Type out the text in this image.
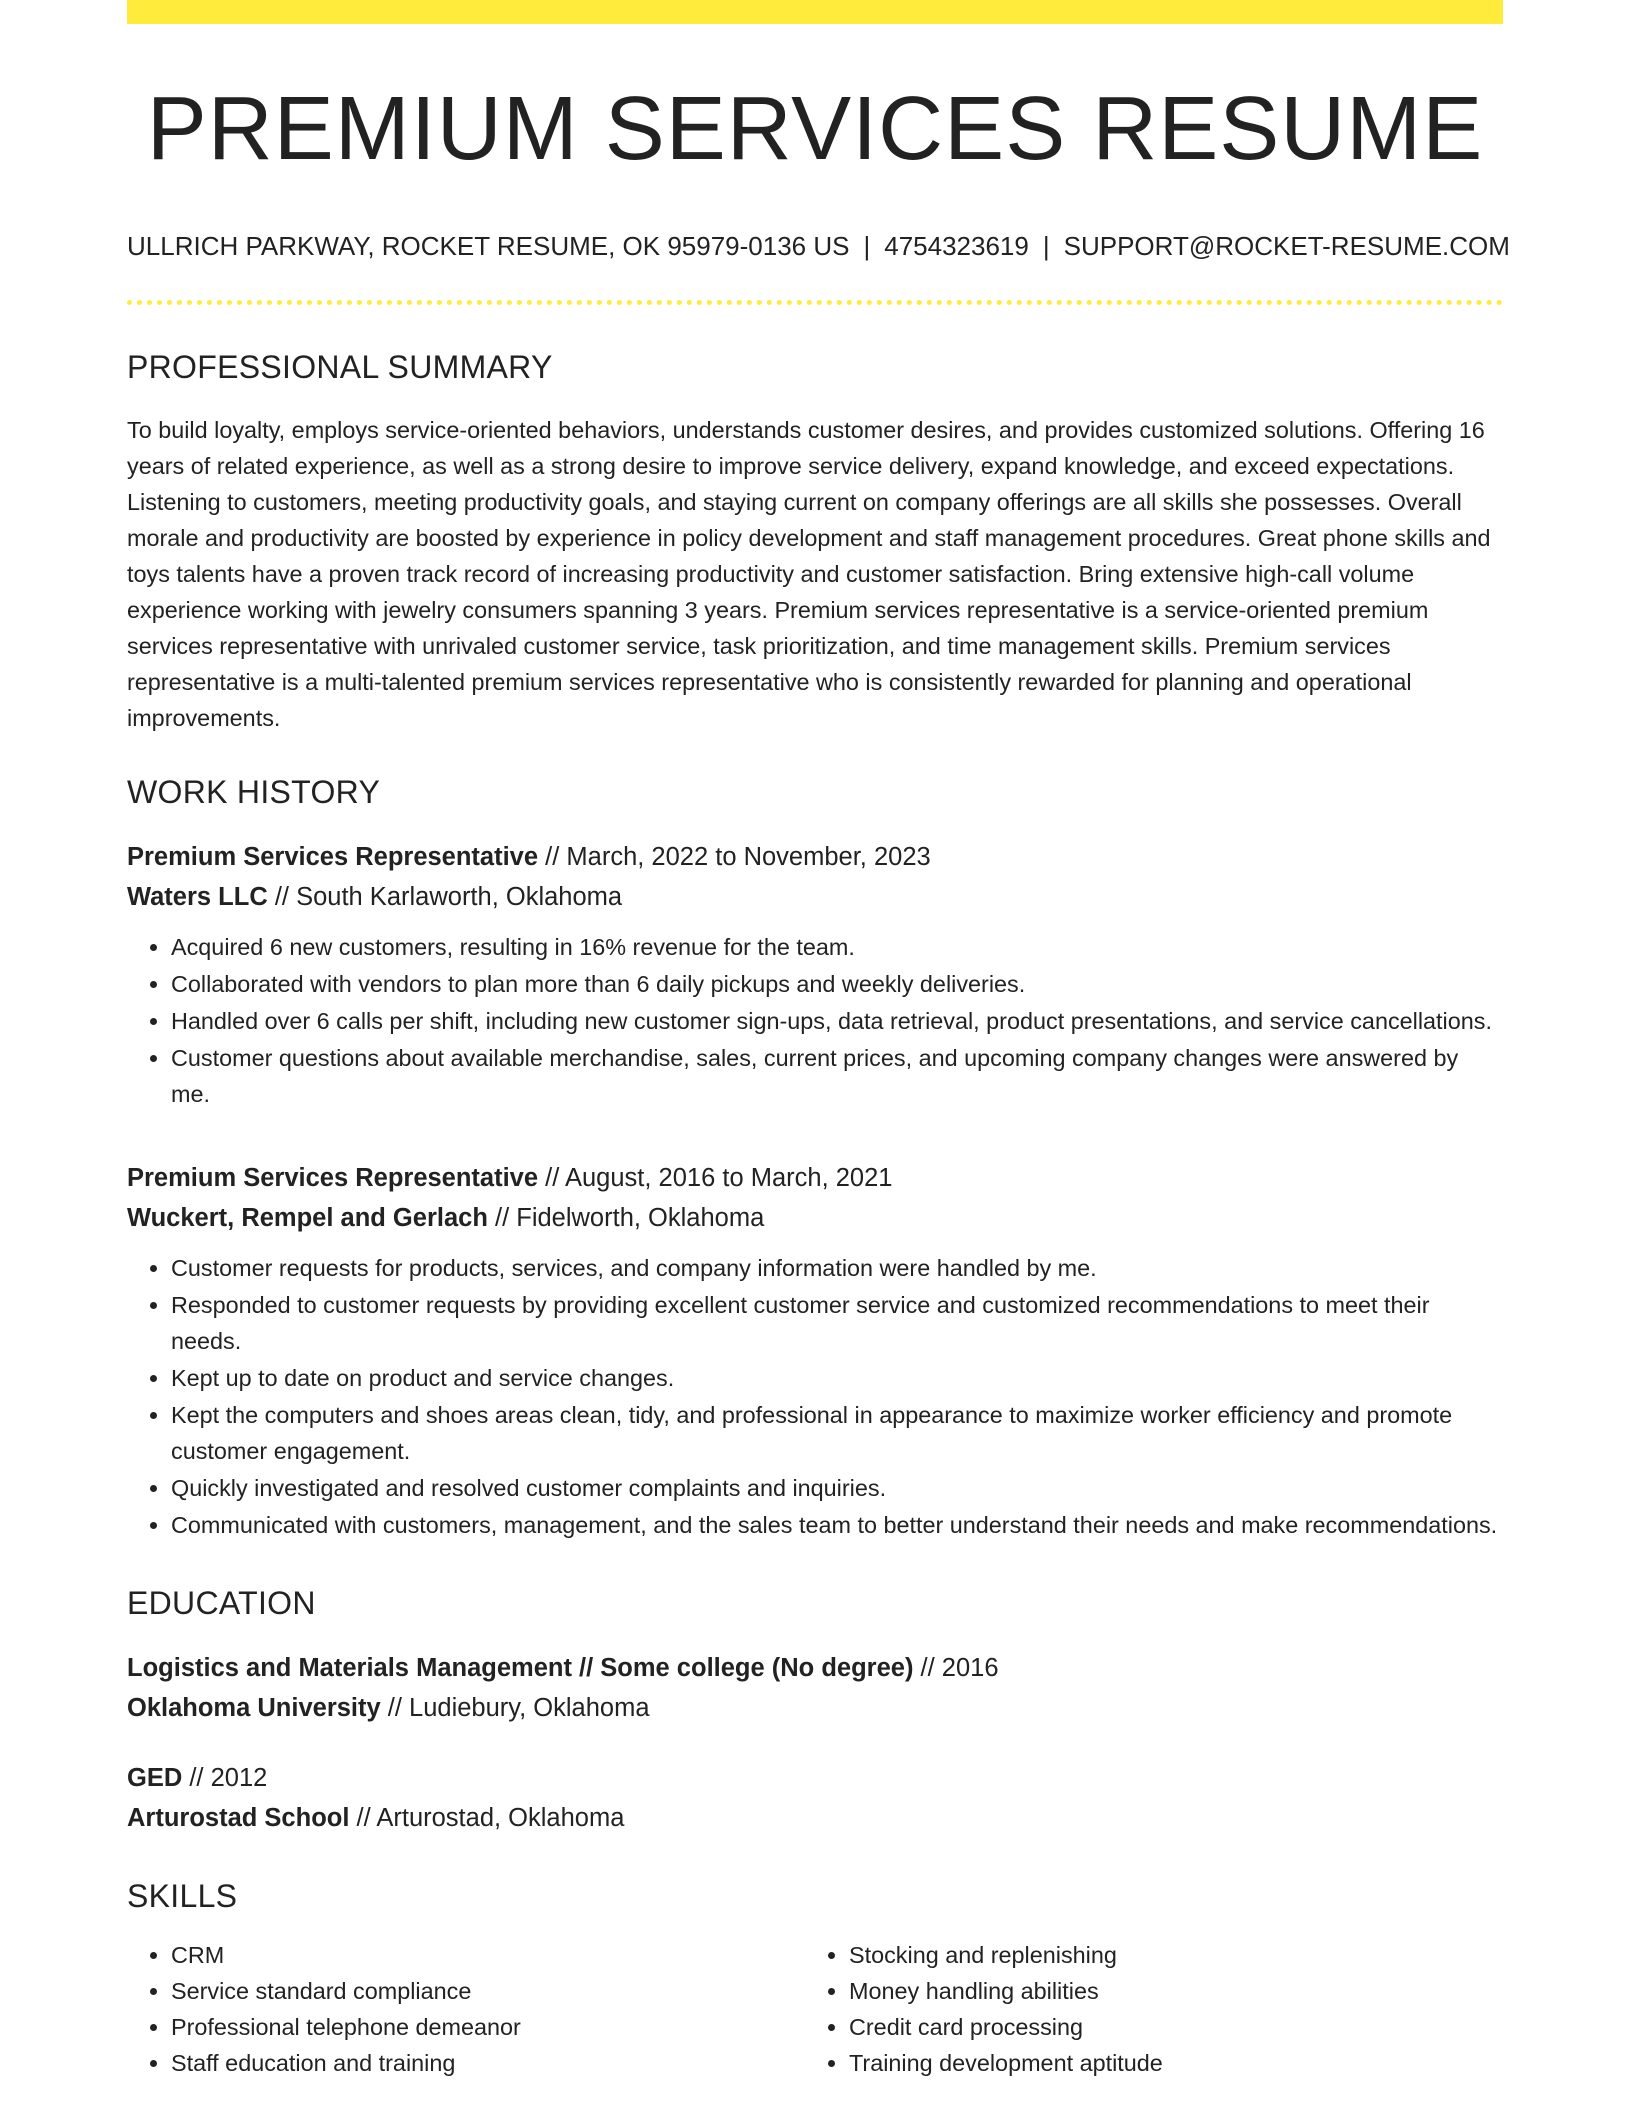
PREMIUM SERVICES RESUME
ULLRICH PARKWAY, ROCKET RESUME, OK 95979-0136 US | 4754323619 | SUPPORT@ROCKET-RESUME.COM
PROFESSIONAL SUMMARY

To build loyalty, employs service-oriented behaviors, understands customer desires, and provides customized solutions. Offering 16 years of related experience, as well as a strong desire to improve service delivery, expand knowledge, and exceed expectations. Listening to customers, meeting productivity goals, and staying current on company offerings are all skills she possesses. Overall morale and productivity are boosted by experience in policy development and staff management procedures. Great phone skills and toys talents have a proven track record of increasing productivity and customer satisfaction. Bring extensive high-call volume experience working with jewelry consumers spanning 3 years. Premium services representative is a service-oriented premium services representative with unrivaled customer service, task prioritization, and time management skills. Premium services representative is a multi-talented premium services representative who is consistently rewarded for planning and operational improvements.

WORK HISTORY
Premium Services Representative // March, 2022 to November, 2023
Waters LLC // South Karlaworth, Oklahoma
• Acquired 6 new customers, resulting in 16% revenue for the team.
• Collaborated with vendors to plan more than 6 daily pickups and weekly deliveries.
• Handled over 6 calls per shift, including new customer sign-ups, data retrieval, product presentations, and service cancellations.
• Customer questions about available merchandise, sales, current prices, and upcoming company changes were answered by me.
Premium Services Representative // August, 2016 to March, 2021
Wuckert, Rempel and Gerlach // Fidelworth, Oklahoma
• Customer requests for products, services, and company information were handled by me.
• Responded to customer requests by providing excellent customer service and customized recommendations to meet their needs.
• Kept up to date on product and service changes.
• Kept the computers and shoes areas clean, tidy, and professional in appearance to maximize worker efficiency and promote customer engagement.
• Quickly investigated and resolved customer complaints and inquiries.
• Communicated with customers, management, and the sales team to better understand their needs and make recommendations.
EDUCATION
Logistics and Materials Management // Some college (No degree) // 2016
Oklahoma University // Ludiebury, Oklahoma
GED // 2012
Arturostad School // Arturostad, Oklahoma
SKILLS
• CRM
• Service standard compliance
• Professional telephone demeanor
• Staff education and training
• Stocking and replenishing
• Money handling abilities
• Credit card processing
• Training development aptitude
